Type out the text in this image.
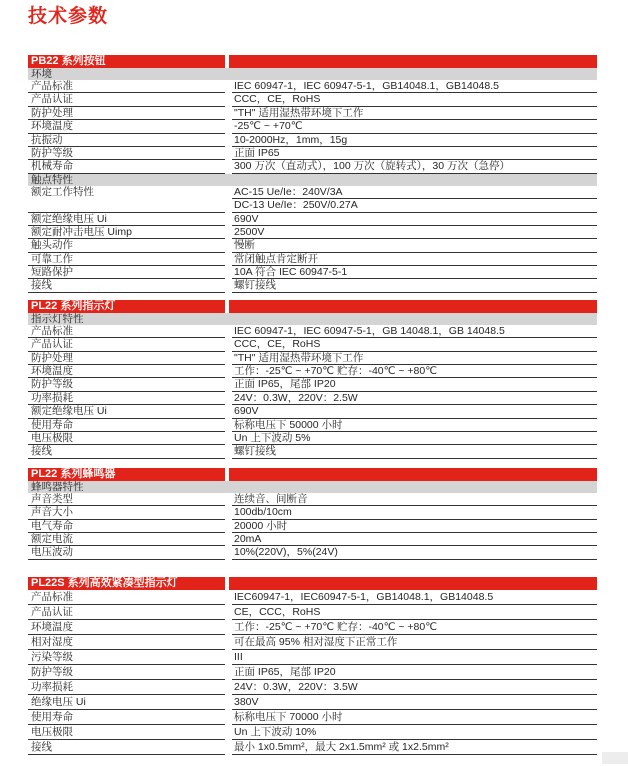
技术参数
PB22 系列按钮
环境
产品标准	IEC 60947-1，IEC 60947-5-1，GB14048.1，GB14048.5
产品认证	CCC，CE，RoHS
防护处理	"TH" 适用湿热带环境下工作
环境温度	-25℃ ~ +70℃
抗振动	10-2000Hz，1mm，15g
防护等级	正面 IP65
机械寿命	300 万次（直动式），100 万次（旋转式），30 万次（急停）
触点特性
额定工作特性	AC-15 Ue/Ie：240V/3A
DC-13 Ue/Ie：250V/0.27A
额定绝缘电压 Ui	690V
额定耐冲击电压 Uimp	2500V
触头动作	慢断
可靠工作	常闭触点肯定断开
短路保护	10A 符合 IEC 60947-5-1
接线	螺钉接线
PL22 系列指示灯
指示灯特性
产品标准	IEC 60947-1，IEC 60947-5-1，GB 14048.1，GB 14048.5
产品认证	CCC，CE，RoHS
防护处理	"TH" 适用湿热带环境下工作
环境温度	工作：-25℃ ~ +70℃ 贮存：-40℃ ~ +80℃
防护等级	正面 IP65，尾部 IP20
功率损耗	24V：0.3W，220V：2.5W
额定绝缘电压 Ui	690V
使用寿命	标称电压下 50000 小时
电压极限	Un 上下波动 5%
接线	螺钉接线
PL22 系列蜂鸣器
蜂鸣器特性
声音类型	连续音、间断音
声音大小	100db/10cm
电气寿命	20000 小时
额定电流	20mA
电压波动	10%(220V)，5%(24V)
PL22S 系列高效紧凑型指示灯
产品标准	IEC60947-1，IEC60947-5-1，GB14048.1，GB14048.5
产品认证	CE，CCC，RoHS
环境温度	工作：-25℃ ~ +70℃ 贮存：-40℃ ~ +80℃
相对湿度	可在最高 95% 相对湿度下正常工作
污染等级	III
防护等级	正面 IP65，尾部 IP20
功率损耗	24V：0.3W，220V：3.5W
绝缘电压 Ui	380V
使用寿命	标称电压下 70000 小时
电压极限	Un 上下波动 10%
接线	最小 1x0.5mm²，最大 2x1.5mm² 或 1x2.5mm²
